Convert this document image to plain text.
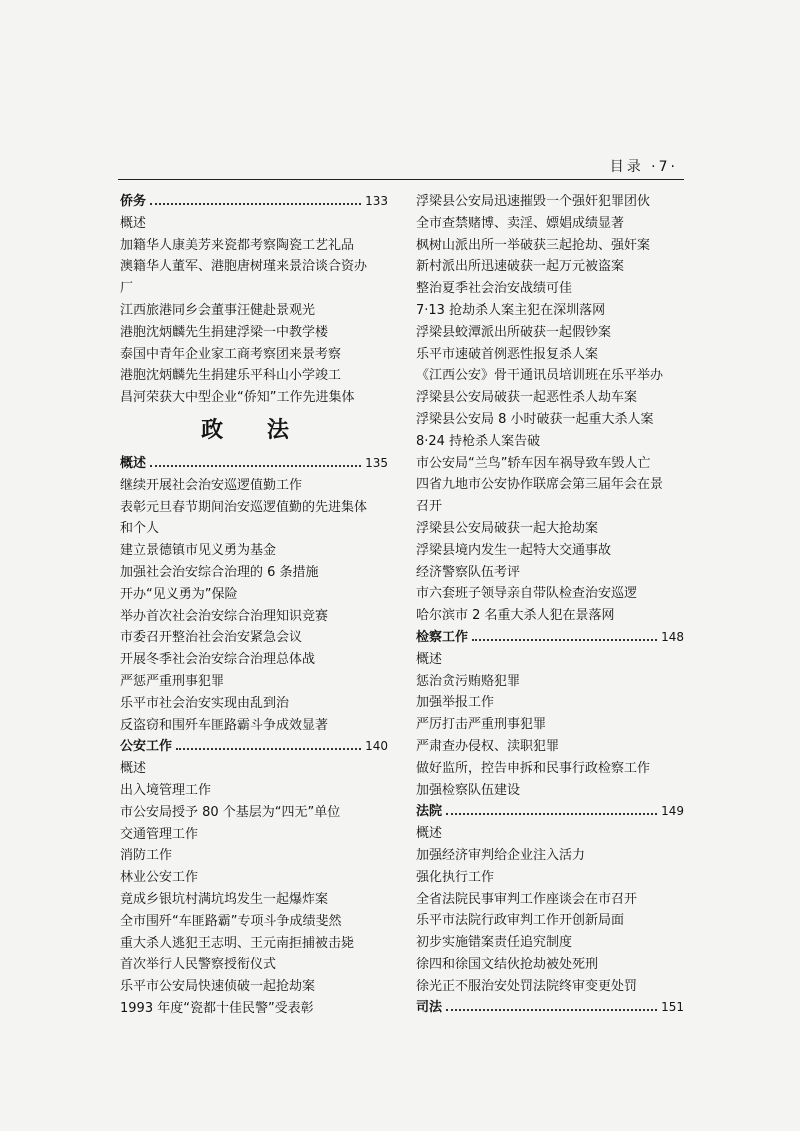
目录 ·7·
侨务	133
概述
加籍华人康美芳来瓷都考察陶瓷工艺礼品
澳籍华人董军、港胞唐树瑾来景洽谈合资办
厂
江西旅港同乡会董事汪健赴景观光
港胞沈炳麟先生捐建浮梁一中教学楼
泰国中青年企业家工商考察团来景考察
港胞沈炳麟先生捐建乐平科山小学竣工
昌河荣获大中型企业“侨知”工作先进集体
政 法
概述	135
继续开展社会治安巡逻值勤工作
表彰元旦春节期间治安巡逻值勤的先进集体
和个人
建立景德镇市见义勇为基金
加强社会治安综合治理的 6 条措施
开办“见义勇为”保险
举办首次社会治安综合治理知识竞赛
市委召开整治社会治安紧急会议
开展冬季社会治安综合治理总体战
严惩严重刑事犯罪
乐平市社会治安实现由乱到治
反盗窃和围歼车匪路霸斗争成效显著
公安工作	140
概述
出入境管理工作
市公安局授予 80 个基层为“四无”单位
交通管理工作
消防工作
林业公安工作
竟成乡银坑村满坑坞发生一起爆炸案
全市围歼“车匪路霸”专项斗争成绩斐然
重大杀人逃犯王志明、王元南拒捕被击毙
首次举行人民警察授衔仪式
乐平市公安局快速侦破一起抢劫案
1993 年度“瓷都十佳民警”受表彰
浮梁县公安局迅速摧毁一个强奸犯罪团伙
全市查禁赌博、卖淫、嫖娼成绩显著
枫树山派出所一举破获三起抢劫、强奸案
新村派出所迅速破获一起万元被盗案
整治夏季社会治安战绩可佳
7·13 抢劫杀人案主犯在深圳落网
浮梁县蛟潭派出所破获一起假钞案
乐平市速破首例恶性报复杀人案
《江西公安》骨干通讯员培训班在乐平举办
浮梁县公安局破获一起恶性杀人劫车案
浮梁县公安局 8 小时破获一起重大杀人案
8·24 持枪杀人案告破
市公安局“兰鸟”轿车因车祸导致车毁人亡
四省九地市公安协作联席会第三届年会在景
召开
浮梁县公安局破获一起大抢劫案
浮梁县境内发生一起特大交通事故
经济警察队伍考评
市六套班子领导亲自带队检查治安巡逻
哈尔滨市 2 名重大杀人犯在景落网
检察工作	148
概述
惩治贪污贿赂犯罪
加强举报工作
严厉打击严重刑事犯罪
严肃查办侵权、渎职犯罪
做好监所，控告申拆和民事行政检察工作
加强检察队伍建设
法院	149
概述
加强经济审判给企业注入活力
强化执行工作
全省法院民事审判工作座谈会在市召开
乐平市法院行政审判工作开创新局面
初步实施错案责任追究制度
徐四和徐国文结伙抢劫被处死刑
徐光正不服治安处罚法院终审变更处罚
司法	151
